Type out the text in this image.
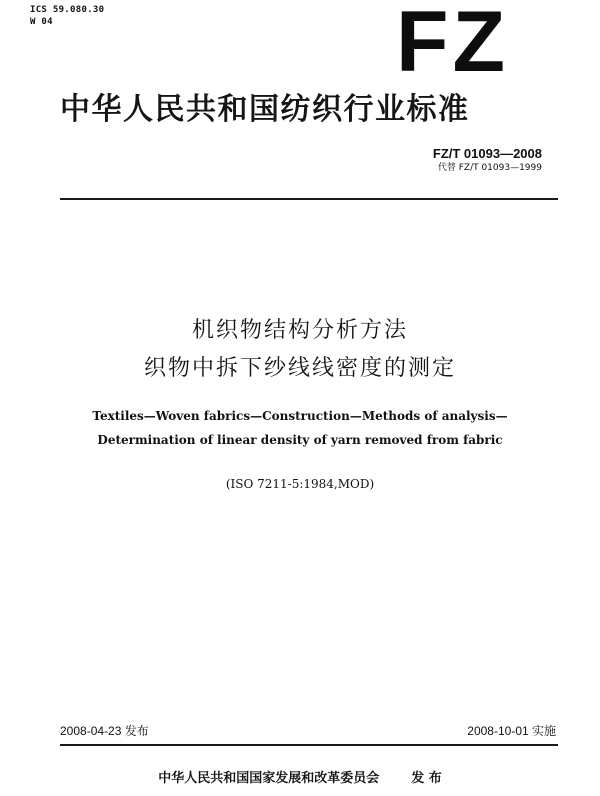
ICS 59.080.30
W 04	FZ
中华人民共和国纺织行业标准
FZ/T 01093—2008
代替 FZ/T 01093—1999
机织物结构分析方法
织物中拆下纱线线密度的测定
Textiles—Woven fabrics—Construction—Methods of analysis—
Determination of linear density of yarn removed from fabric
(ISO 7211-5:1984,MOD)
2008-04-23 发布	2008-10-01 实施
中华人民共和国国家发展和改革委员会 发 布
